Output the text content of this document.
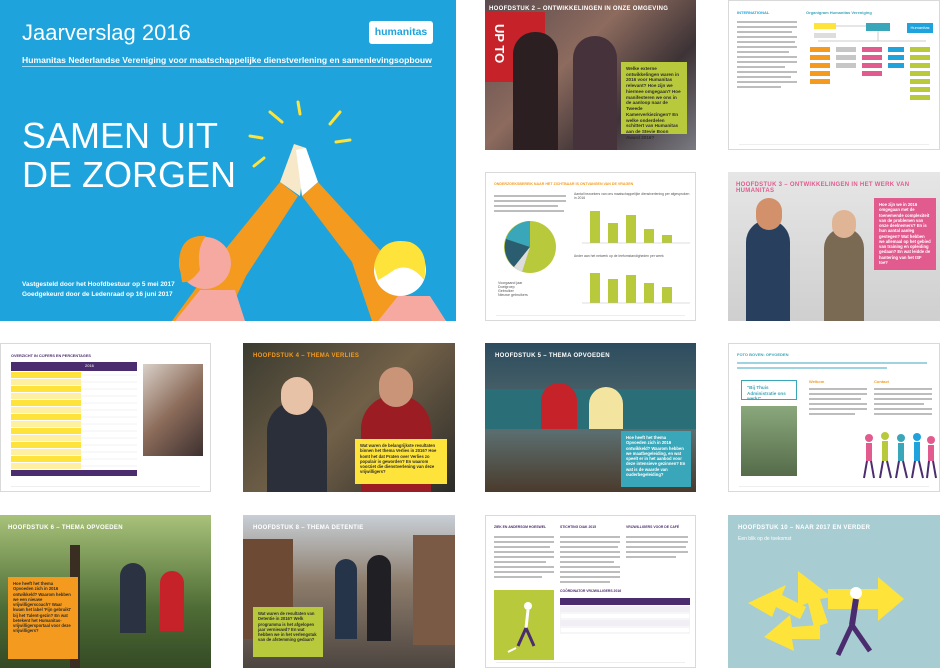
Jaarverslag 2016	humanitas
Humanitas Nederlandse Vereniging voor maatschappelijke dienstverlening en samenlevingsopbouw
SAMEN UIT DE ZORGEN
Vastgesteld door het Hoofdbestuur op 5 mei 2017
Goedgekeurd door de Ledenraad op 16 juni 2017
UP TO
HOOFDSTUK 2 – ONTWIKKELINGEN IN ONZE OMGEVING
Welke externe ontwikkelingen waren in 2016 voor Humanitas relevant? Hoe zijn we hiermee omgegaan? Hoe manifesteren we ons in de aanloop naar de Tweede Kamerverkiezingen? En welke onderdelen schittert van Humanitas aan de Stevie Boon Award 2016?
INTERNATIONAL	Organigram Humanitas Vereniging
Humanitas
ONDERZOEKSBEREIK NAAR HET ZICHTBAAR IS ONTVANGEN VAN DE VRAGEN
Voorgaand jaar
Doelgroep
Gebruiker
Nieuwe gebruikers
Aantal bezoekers van ons maatschappelijke dienstverlening per afgesproken in 2016
Ander aan het netwerk op de leefomstandigheden per week
HOOFDSTUK 3 – ONTWIKKELINGEN IN HET WERK VAN HUMANITAS
Hoe zijn we in 2016 omgegaan met de toenemende complexiteit van de problemen van onze deelnemers? En is hun aantal aanleg gestegen? Wat hebben we allemaal op het gebied van training en opleiding gedaan? En wat leidde de hantering van het ISF toe?
OVERZICHT IN CIJFERS EN PERCENTAGES
2016
HOOFDSTUK 4 – THEMA VERLIES
Wat waren de belangrijkste resultaten binnen het thema Verlies in 2016? Hoe komt het dat Praten over Verlies zo populair is geworden? En waarom voorziet die dienstverlening van deze vrijwilligers?
HOOFDSTUK 5 – THEMA OPVOEDEN
Hoe heeft het thema Opvoeden zich in 2016 ontwikkeld? Waarom hebben we maatbegeleiding, en wat speelt er in het aanbod voor deze intensieve gezinnen? En wat is de waarde van ouderbegeleiding?
FOTO BOVEN: OPVOEDEN
"Bij Thuis Administratie ons werk!"
Welkom	Contact
HOOFDSTUK 6 – THEMA OPVOEDEN
Hoe heeft het thema Opvoeden zich in 2016 ontwikkeld? Waarom hebben we een nieuwe vrijwilligerscoach? Waar kwam het label 'Fijn gebruikt' bij het Talent-gezin? En wat betekent het Humanitas-vrijwilligersportaal voor deze vrijwilligers?
HOOFDSTUK 8 – THEMA DETENTIE
Wat waren de resultaten van Detentie in 2016? Welk programma is het afgelopen jaar vernieuwd? En wat hebben we in het verlengstuk van de afstemming gedaan?
ZIEK EN ANDERSOM HOESWEL	STICHTING DIAK 2015	VRIJWILLIGERS VOOR DE CAFÉ
COÖRDINATOR VRIJWILLIGERS 2016
HOOFDSTUK 10 – NAAR 2017 EN VERDER
Een blik op de toekomst
